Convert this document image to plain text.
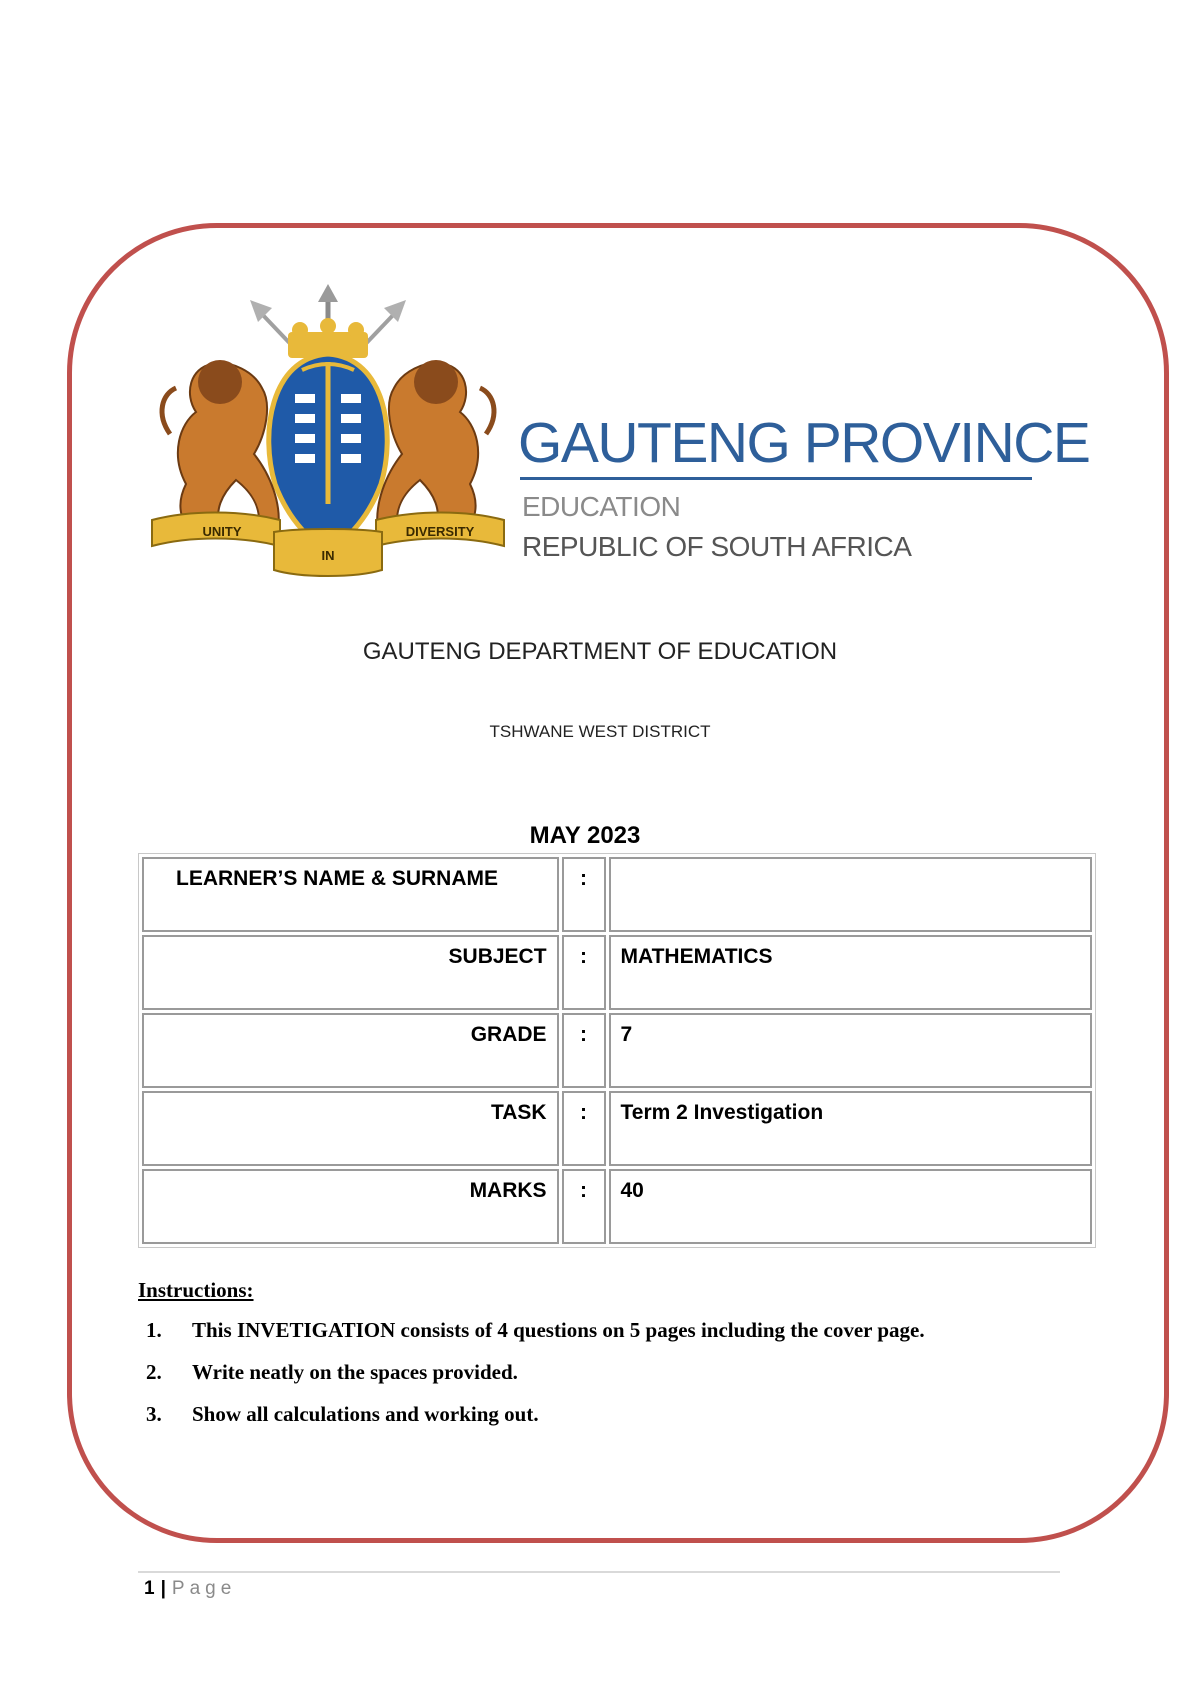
UNITY
IN
DIVERSITY
GAUTENG PROVINCE
EDUCATION
REPUBLIC OF SOUTH AFRICA
GAUTENG DEPARTMENT OF EDUCATION
TSHWANE WEST DISTRICT
MAY 2023
LEARNER’S NAME & SURNAME	:	
SUBJECT	:	MATHEMATICS
GRADE	:	7
TASK	:	Term 2 Investigation
MARKS	:	40
Instructions:
1.	This INVETIGATION consists of 4 questions on 5 pages including the cover page.
2.	Write neatly on the spaces provided.
3.	Show all calculations and working out.
1 | Page
